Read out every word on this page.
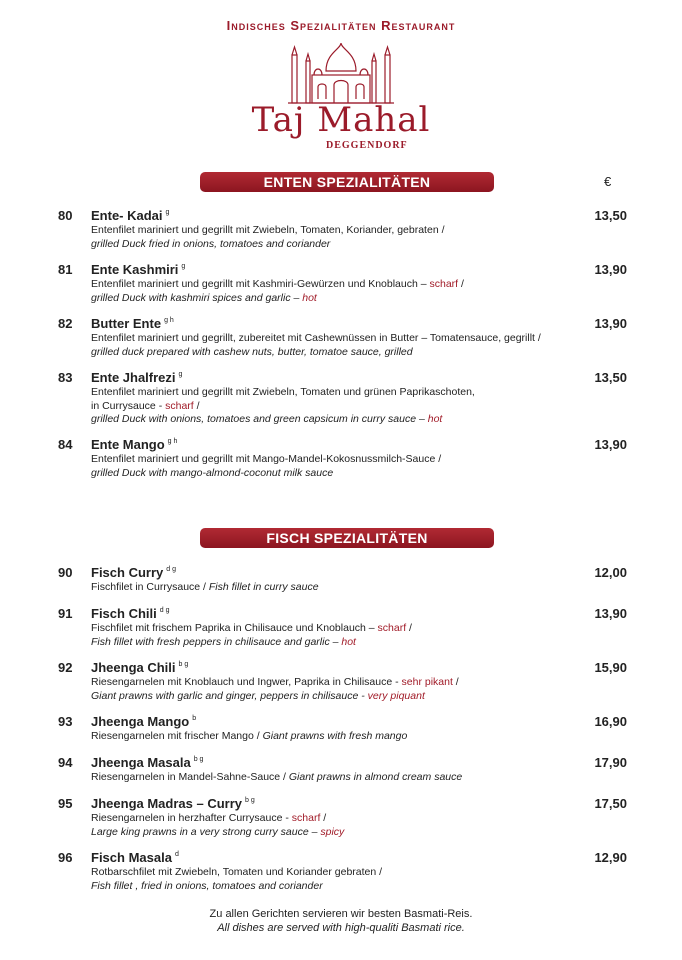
Indisches Spezialitäten Restaurant
Taj Mahal
DEGGENDORF
ENTEN SPEZIALITÄTEN	€
80 Ente- Kadai $^g$	13,50
Entenfilet mariniert und gegrillt mit Zwiebeln, Tomaten, Koriander, gebraten /
grilled Duck fried in onions, tomatoes and coriander
81 Ente Kashmiri $^g$	13,90
Entenfilet mariniert und gegrillt mit Kashmiri-Gewürzen und Knoblauch – scharf /
grilled Duck with kashmiri spices and garlic – hot
82 Butter Ente $^{g h}$	13,90
Entenfilet mariniert und gegrillt, zubereitet mit Cashewnüssen in Butter – Tomatensauce, gegrillt /
grilled duck prepared with cashew nuts, butter, tomatoe sauce, grilled
83 Ente Jhalfrezi $^g$	13,50
Entenfilet mariniert und gegrillt mit Zwiebeln, Tomaten und grünen Paprikaschoten,
in Currysauce - scharf /
grilled Duck with onions, tomatoes and green capsicum in curry sauce – hot
84 Ente Mango $^{g h}$	13,90
Entenfilet mariniert und gegrillt mit Mango-Mandel-Kokosnussmilch-Sauce /
grilled Duck with mango-almond-coconut milk sauce
FISCH SPEZIALITÄTEN
90 Fisch Curry $^{d g}$	12,00
Fischfilet in Currysauce / Fish fillet in curry sauce
91 Fisch Chili $^{d g}$	13,90
Fischfilet mit frischem Paprika in Chilisauce und Knoblauch – scharf /
Fish fillet with fresh peppers in chilisauce and garlic – hot
92 Jheenga Chili $^{b g}$	15,90
Riesengarnelen mit Knoblauch und Ingwer, Paprika in Chilisauce - sehr pikant /
Giant prawns with garlic and ginger, peppers in chilisauce - very piquant
93 Jheenga Mango $^b$	16,90
Riesengarnelen mit frischer Mango / Giant prawns with fresh mango
94 Jheenga Masala $^{b g}$	17,90
Riesengarnelen in Mandel-Sahne-Sauce / Giant prawns in almond cream sauce
95 Jheenga Madras – Curry $^{b g}$	17,50
Riesengarnelen in herzhafter Currysauce - scharf /
Large king prawns in a very strong curry sauce – spicy
96 Fisch Masala $^d$	12,90
Rotbarschfilet mit Zwiebeln, Tomaten und Koriander gebraten /
Fish fillet , fried in onions, tomatoes and coriander
Zu allen Gerichten servieren wir besten Basmati-Reis.
All dishes are served with high-qualiti Basmati rice.
